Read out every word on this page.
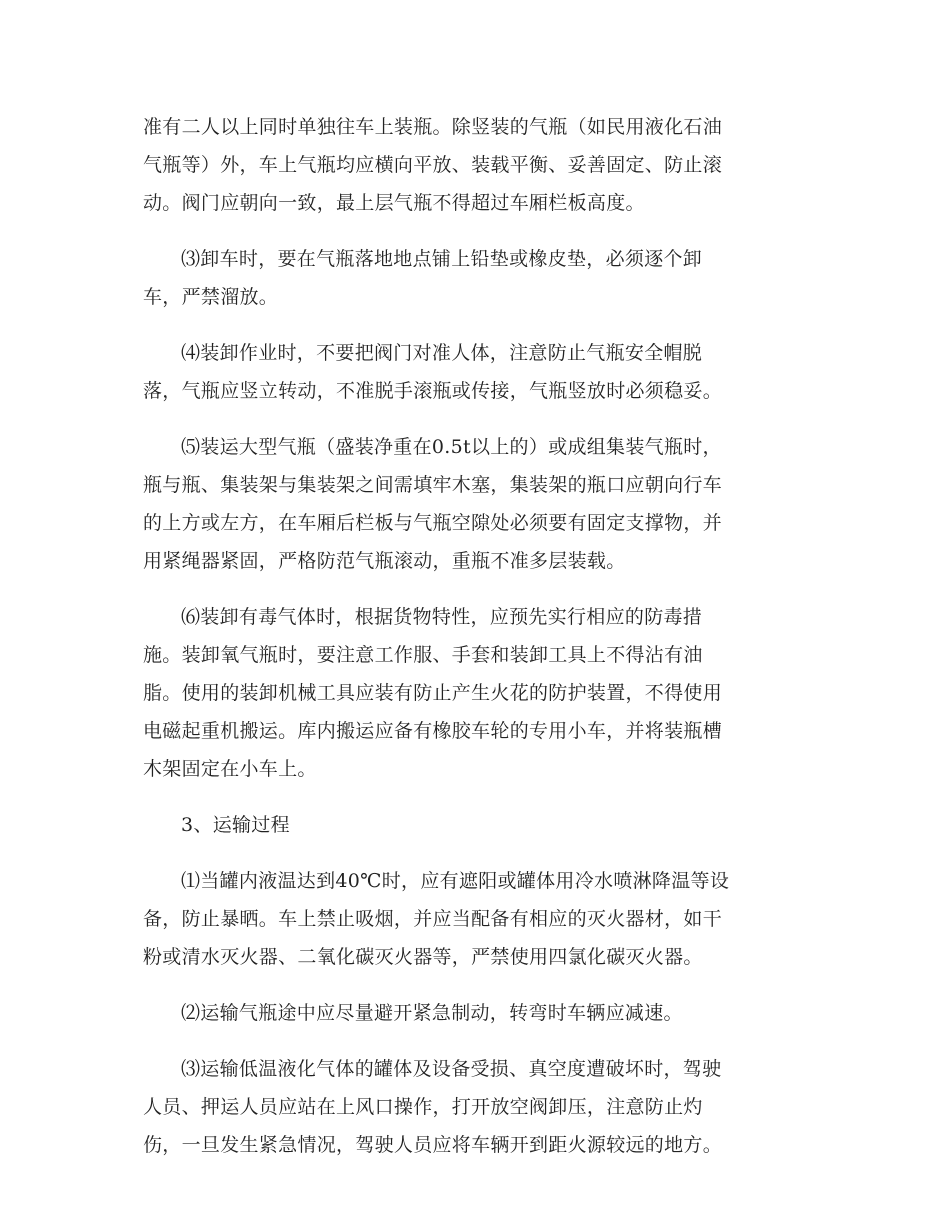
准有二人以上同时单独往车上装瓶。除竖装的气瓶（如民用液化石油
气瓶等）外，车上气瓶均应横向平放、装载平衡、妥善固定、防止滚
动。阀门应朝向一致，最上层气瓶不得超过车厢栏板高度。
⑶卸车时，要在气瓶落地地点铺上铅垫或橡皮垫，必须逐个卸
车，严禁溜放。
⑷装卸作业时，不要把阀门对准人体，注意防止气瓶安全帽脱
落，气瓶应竖立转动，不准脱手滚瓶或传接，气瓶竖放时必须稳妥。
⑸装运大型气瓶（盛装净重在0.5t以上的）或成组集装气瓶时，
瓶与瓶、集装架与集装架之间需填牢木塞，集装架的瓶口应朝向行车
的上方或左方，在车厢后栏板与气瓶空隙处必须要有固定支撑物，并
用紧绳器紧固，严格防范气瓶滚动，重瓶不准多层装载。
⑹装卸有毒气体时，根据货物特性，应预先实行相应的防毒措
施。装卸氧气瓶时，要注意工作服、手套和装卸工具上不得沾有油
脂。使用的装卸机械工具应装有防止产生火花的防护装置，不得使用
电磁起重机搬运。库内搬运应备有橡胶车轮的专用小车，并将装瓶槽
木架固定在小车上。
3、运输过程
⑴当罐内液温达到40℃时，应有遮阳或罐体用冷水喷淋降温等设
备，防止暴晒。车上禁止吸烟，并应当配备有相应的灭火器材，如干
粉或清水灭火器、二氧化碳灭火器等，严禁使用四氯化碳灭火器。
⑵运输气瓶途中应尽量避开紧急制动，转弯时车辆应减速。
⑶运输低温液化气体的罐体及设备受损、真空度遭破坏时，驾驶
人员、押运人员应站在上风口操作，打开放空阀卸压，注意防止灼
伤，一旦发生紧急情况，驾驶人员应将车辆开到距火源较远的地方。
